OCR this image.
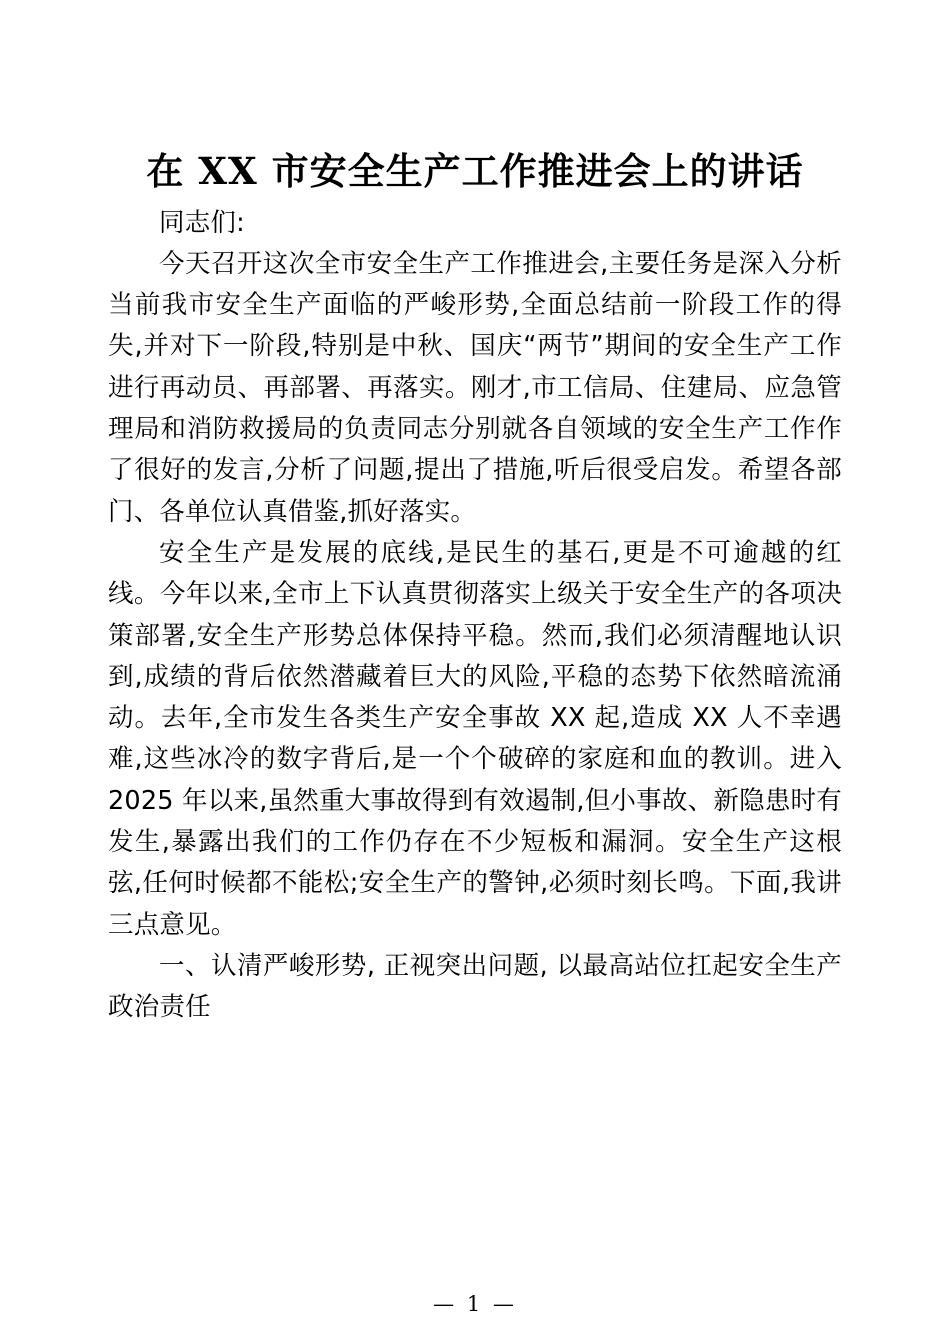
在 XX 市安全生产工作推进会上的讲话

同志们:

今天召开这次全市安全生产工作推进会,主要任务是深入分析当前我市安全生产面临的严峻形势,全面总结前一阶段工作的得失,并对下一阶段,特别是中秋、国庆“两节”期间的安全生产工作进行再动员、再部署、再落实。刚才,市工信局、住建局、应急管理局和消防救援局的负责同志分别就各自领域的安全生产工作作了很好的发言,分析了问题,提出了措施,听后很受启发。希望各部门、各单位认真借鉴,抓好落实。

安全生产是发展的底线,是民生的基石,更是不可逾越的红线。今年以来,全市上下认真贯彻落实上级关于安全生产的各项决策部署,安全生产形势总体保持平稳。然而,我们必须清醒地认识到,成绩的背后依然潜藏着巨大的风险,平稳的态势下依然暗流涌动。去年,全市发生各类生产安全事故 XX 起,造成 XX 人不幸遇难,这些冰冷的数字背后,是一个个破碎的家庭和血的教训。进入 2025 年以来,虽然重大事故得到有效遏制,但小事故、新隐患时有发生,暴露出我们的工作仍存在不少短板和漏洞。安全生产这根弦,任何时候都不能松;安全生产的警钟,必须时刻长鸣。下面,我讲三点意见。

一、认清严峻形势, 正视突出问题, 以最高站位扛起安全生产政治责任

— 1 —
